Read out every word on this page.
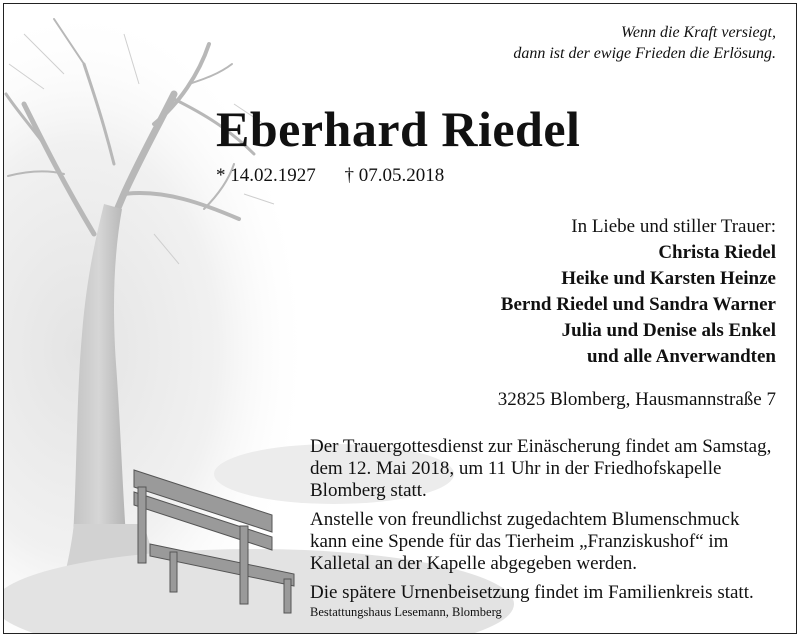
Wenn die Kraft versiegt,
dann ist der ewige Frieden die Erlösung.
Eberhard Riedel
* 14.02.1927 † 07.05.2018
In Liebe und stiller Trauer:
Christa Riedel
Heike und Karsten Heinze
Bernd Riedel und Sandra Warner
Julia und Denise als Enkel
und alle Anverwandten
32825 Blomberg, Hausmannstraße 7

Der Trauergottesdienst zur Einäscherung findet am Samstag, dem 12. Mai 2018, um 11 Uhr in der Friedhofskapelle Blomberg statt.

Anstelle von freundlichst zugedachtem Blumenschmuck kann eine Spende für das Tierheim „Franziskushof“ im Kalletal an der Kapelle abgegeben werden.

Die spätere Urnenbeisetzung findet im Familienkreis statt.

Bestattungshaus Lesemann, Blomberg
